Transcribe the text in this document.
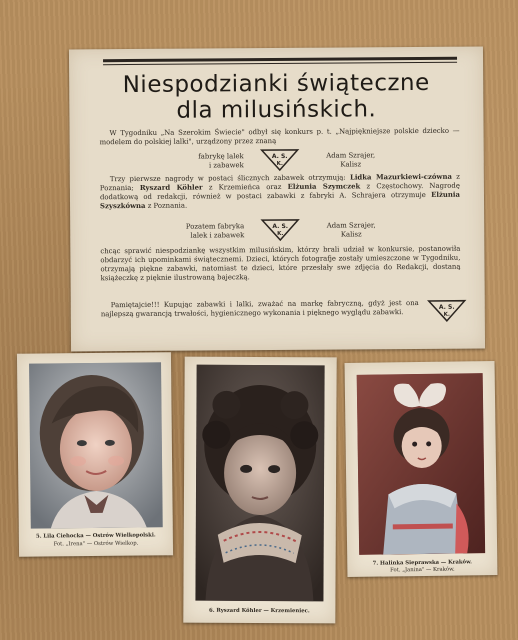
Niespodzianki świąteczne
dla milusińskich.
W Tygodniku „Na Szerokim Świecie" odbył się konkurs p. t. „Najpiękniejsze polskie dziecko — modelem do polskiej lalki", urządzony przez znaną
fabrykę lalek
i zabawek
A. S.
K.
Adam Szrajer,
Kalisz
Trzy pierwsze nagrody w postaci ślicznych zabawek otrzymują: Lidka Mazurkiewi-czówna z Poznania; Ryszard Köhler z Krzemieńca oraz Elżunia Szymczek z Częstochowy. Nagrodę dodatkową od redakcji, również w postaci zabawki z fabryki A. Schrajera otrzymuje Elżunia Szyszkówna z Poznania.
Pozatem fabryka
lalek i zabawek
A. S.
K.
Adam Szrajer,
Kalisz
chcąc sprawić niespodziankę wszystkim milusińskim, którzy brali udział w konkursie, postanowiła obdarzyć ich upominkami świątecznemi. Dzieci, których fotografje zostały umieszczone w Tygodniku, otrzymają piękne zabawki, natomiast te dzieci, które przesłały swe zdjęcia do Redakcji, dostaną książeczkę z pięknie ilustrowaną bajeczką.
Pamiętajcie!!! Kupując zabawki i lalki, zważać na markę fabryczną, gdyż jest ona najlepszą gwarancją trwałości, hygienicznego wykonania i pięknego wyglądu zabawki.
A. S.
K.
5. Lila Ciehocka — Ostrów Wielkopolski.
Fot. „Irena" — Ostrów Wielkop.
6. Ryszard Köhler — Krzemieniec.
7. Halinka Sieprawska — Kraków.
Fot. „Janina" — Kraków.
